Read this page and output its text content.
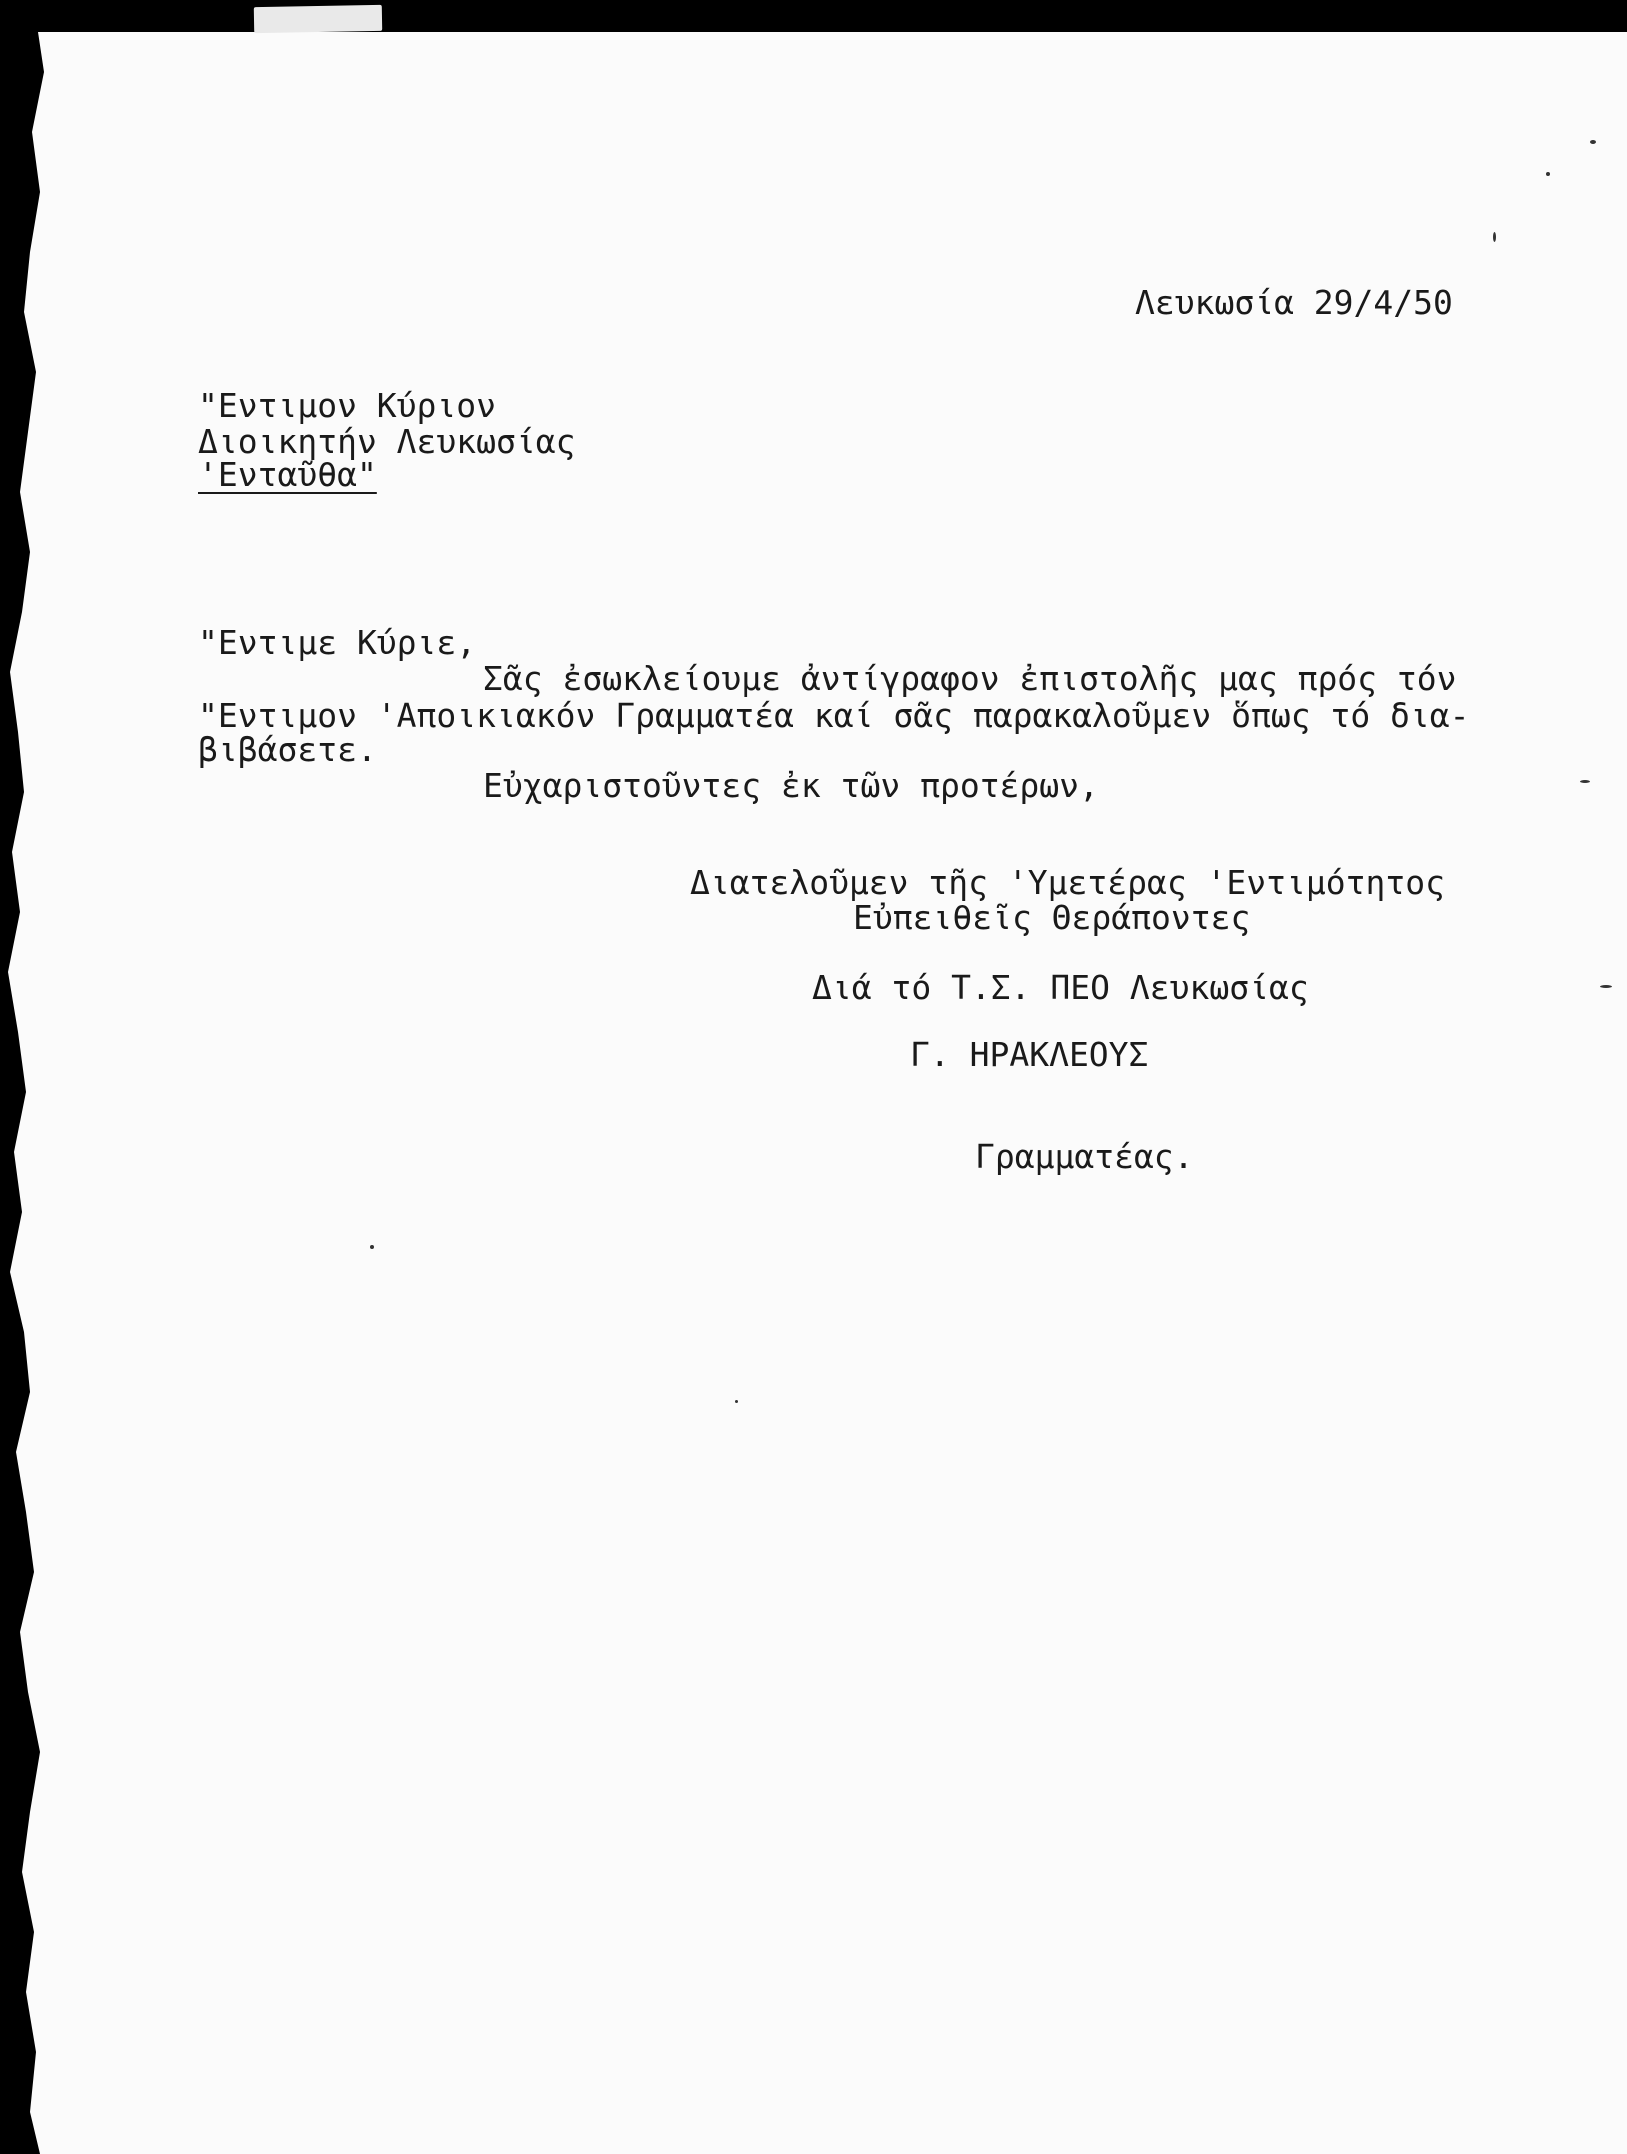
Λευκωσία 29/4/50
"Εντιμον Κύριον
Διοικητήν Λευκωσίας
'Ενταῦθα"
"Εντιμε Κύριε,
Σᾶς ἐσωκλείουμε ἀντίγραφον ἐπιστολῆς μας πρός τόν
"Εντιμον 'Αποικιακόν Γραμματέα καί σᾶς παρακαλοῦμεν ὅπως τό δια-
βιβάσετε.
Εὐχαριστοῦντες ἐκ τῶν προτέρων,
Διατελοῦμεν τῆς 'Υμετέρας 'Εντιμότητος
Εὐπειθεῖς Θεράποντες
Διά τό Τ.Σ. ΠΕΟ Λευκωσίας
Γ. ΗΡΑΚΛΕΟΥΣ
Γραμματέας.
